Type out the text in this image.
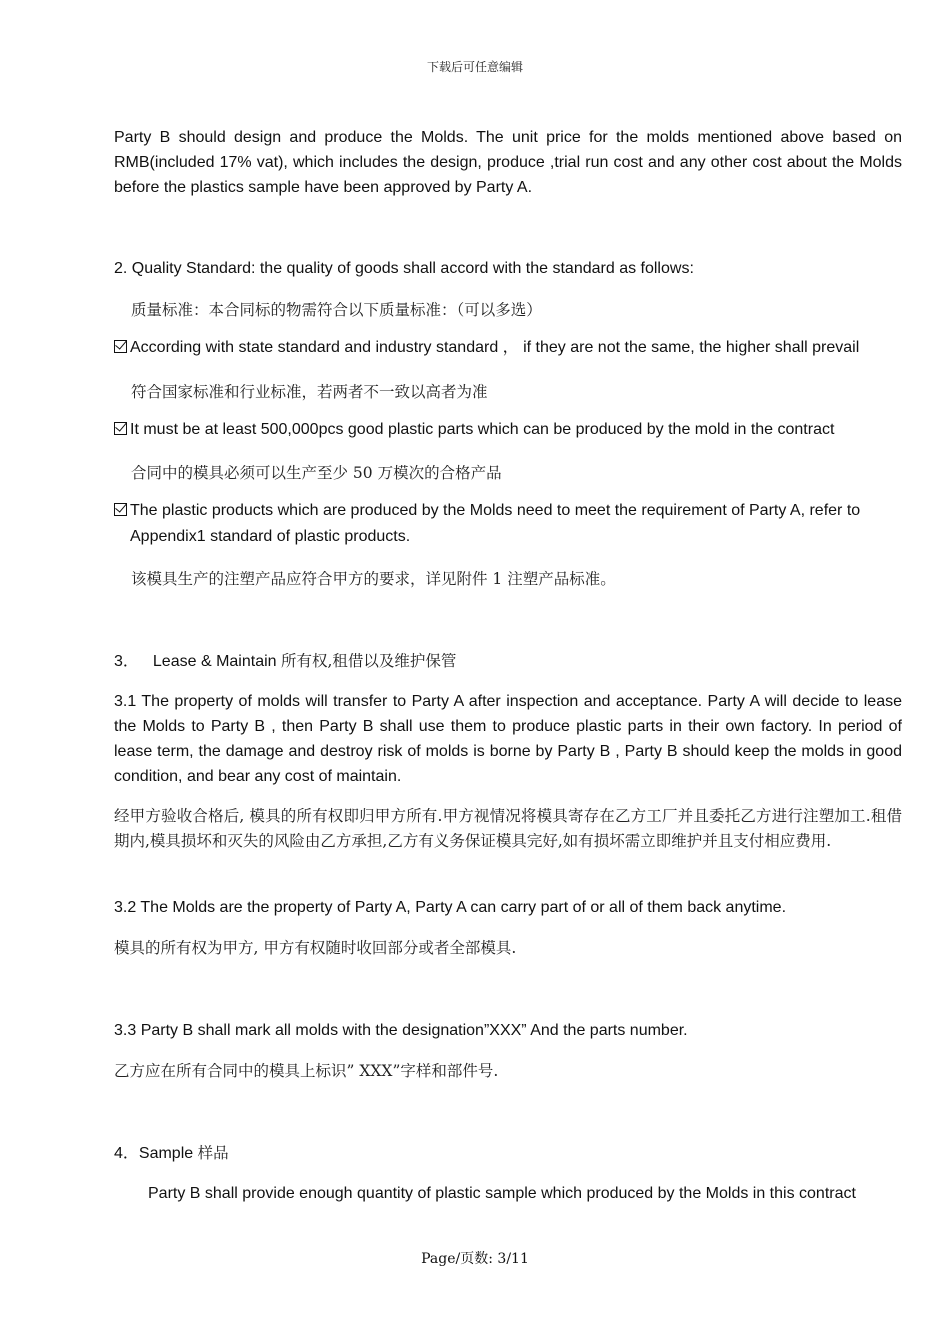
下载后可任意编辑
Party B should design and produce the Molds. The unit price for the molds mentioned above based on RMB(included 17% vat), which includes the design, produce ,trial run cost and any other cost about the Molds before the plastics sample have been approved by Party A.
2. Quality Standard: the quality of goods shall accord with the standard as follows:
质量标准：本合同标的物需符合以下质量标准：（可以多选）
According with state standard and industry standard ， if they are not the same, the higher shall prevail
符合国家标准和行业标准，若两者不一致以高者为准
It must be at least 500,000pcs good plastic parts which can be produced by the mold in the contract
合同中的模具必须可以生产至少 50 万模次的合格产品
The plastic products which are produced by the Molds need to meet the requirement of Party A, refer to
Appendix1 standard of plastic products.
该模具生产的注塑产品应符合甲方的要求，详见附件 1 注塑产品标准。
3． Lease & Maintain 所有权,租借以及维护保管
3.1 The property of molds will transfer to Party A after inspection and acceptance. Party A will decide to lease the Molds to Party B , then Party B shall use them to produce plastic parts in their own factory. In period of lease term, the damage and destroy risk of molds is borne by Party B , Party B should keep the molds in good condition, and bear any cost of maintain.
经甲方验收合格后, 模具的所有权即归甲方所有.甲方视情况将模具寄存在乙方工厂并且委托乙方进行注塑加工.租借期内,模具损坏和灭失的风险由乙方承担,乙方有义务保证模具完好,如有损坏需立即维护并且支付相应费用.
3.2 The Molds are the property of Party A, Party A can carry part of or all of them back anytime.
模具的所有权为甲方, 甲方有权随时收回部分或者全部模具.
3.3 Party B shall mark all molds with the designation”XXX” And the parts number.
乙方应在所有合同中的模具上标识” XXX”字样和部件号.
4．Sample 样品
Party B shall provide enough quantity of plastic sample which produced by the Molds in this contract
Page/页数: 3/11
